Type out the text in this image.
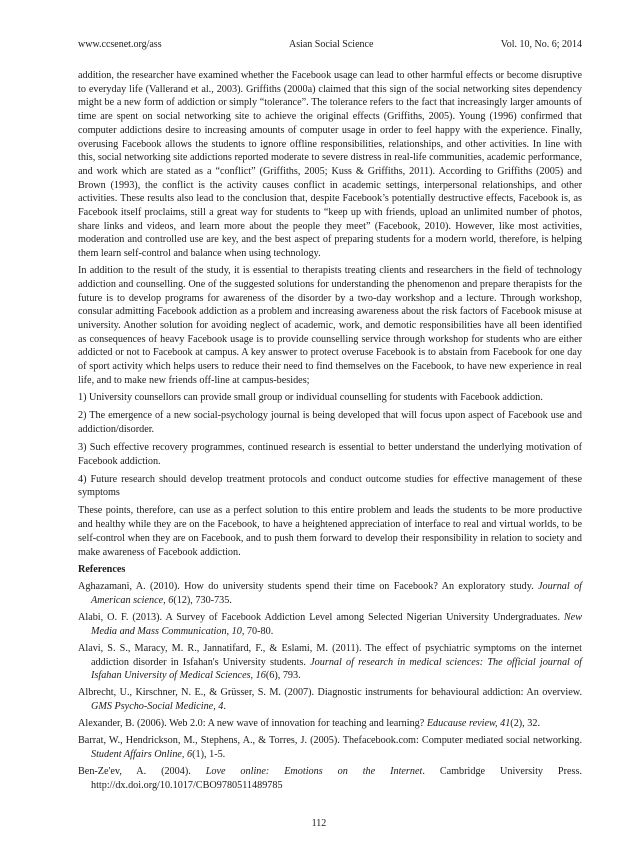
www.ccsenet.org/ass	Asian Social Science	Vol. 10, No. 6; 2014

addition, the researcher have examined whether the Facebook usage can lead to other harmful effects or become disruptive to everyday life (Vallerand et al., 2003). Griffiths (2000a) claimed that this sign of the social networking sites dependency might be a new form of addiction or simply “tolerance”. The tolerance refers to the fact that increasingly larger amounts of time are spent on social networking site to achieve the original effects (Griffiths, 2005). Young (1996) confirmed that computer addictions desire to increasing amounts of computer usage in order to feel happy with the experience. Finally, overusing Facebook allows the students to ignore offline responsibilities, relationships, and other activities. In line with this, social networking site addictions reported moderate to severe distress in real-life communities, academic performance, and work which are stated as a “conflict” (Griffiths, 2005; Kuss & Griffiths, 2011). According to Griffiths (2005) and Brown (1993), the conflict is the activity causes conflict in academic settings, interpersonal relationships, and other activities. These results also lead to the conclusion that, despite Facebook’s potentially destructive effects, Facebook is, as Facebook itself proclaims, still a great way for students to “keep up with friends, upload an unlimited number of photos, share links and videos, and learn more about the people they meet” (Facebook, 2010). However, like most activities, moderation and controlled use are key, and the best aspect of preparing students for a modern world, therefore, is helping them learn self-control and balance when using technology.

In addition to the result of the study, it is essential to therapists treating clients and researchers in the field of technology addiction and counselling. One of the suggested solutions for understanding the phenomenon and prepare therapists for the future is to develop programs for awareness of the disorder by a two-day workshop and a lecture. Through workshop, consular admitting Facebook addiction as a problem and increasing awareness about the risk factors of Facebook misuse at university. Another solution for avoiding neglect of academic, work, and demotic responsibilities have all been identified as consequences of heavy Facebook usage is to provide counselling service through workshop for students who are either addicted or not to Facebook at campus. A key answer to protect overuse Facebook is to abstain from Facebook for one day of sport activity which helps users to reduce their need to find themselves on the Facebook, to have new experience in real life, and to make new friends off-line at campus-besides;

1) University counsellors can provide small group or individual counselling for students with Facebook addiction.

2) The emergence of a new social-psychology journal is being developed that will focus upon aspect of Facebook use and addiction/disorder.

3) Such effective recovery programmes, continued research is essential to better understand the underlying motivation of Facebook addiction.

4) Future research should develop treatment protocols and conduct outcome studies for effective management of these symptoms

These points, therefore, can use as a perfect solution to this entire problem and leads the students to be more productive and healthy while they are on the Facebook, to have a heightened appreciation of interface to real and virtual worlds, to be self-control when they are on Facebook, and to push them forward to develop their responsibility in relation to society and make awareness of Facebook addiction.

References

Aghazamani, A. (2010). How do university students spend their time on Facebook? An exploratory study. Journal of American science, 6(12), 730-735.

Alabi, O. F. (2013). A Survey of Facebook Addiction Level among Selected Nigerian University Undergraduates. New Media and Mass Communication, 10, 70-80.

Alavi, S. S., Maracy, M. R., Jannatifard, F., & Eslami, M. (2011). The effect of psychiatric symptoms on the internet addiction disorder in Isfahan's University students. Journal of research in medical sciences: The official journal of Isfahan University of Medical Sciences, 16(6), 793.

Albrecht, U., Kirschner, N. E., & Grüsser, S. M. (2007). Diagnostic instruments for behavioural addiction: An overview. GMS Psycho-Social Medicine, 4.

Alexander, B. (2006). Web 2.0: A new wave of innovation for teaching and learning? Educause review, 41(2), 32.

Barrat, W., Hendrickson, M., Stephens, A., & Torres, J. (2005). Thefacebook.com: Computer mediated social networking. Student Affairs Online, 6(1), 1-5.

Ben-Ze'ev, A. (2004). Love online: Emotions on the Internet. Cambridge University Press. http://dx.doi.org/10.1017/CBO9780511489785

112
